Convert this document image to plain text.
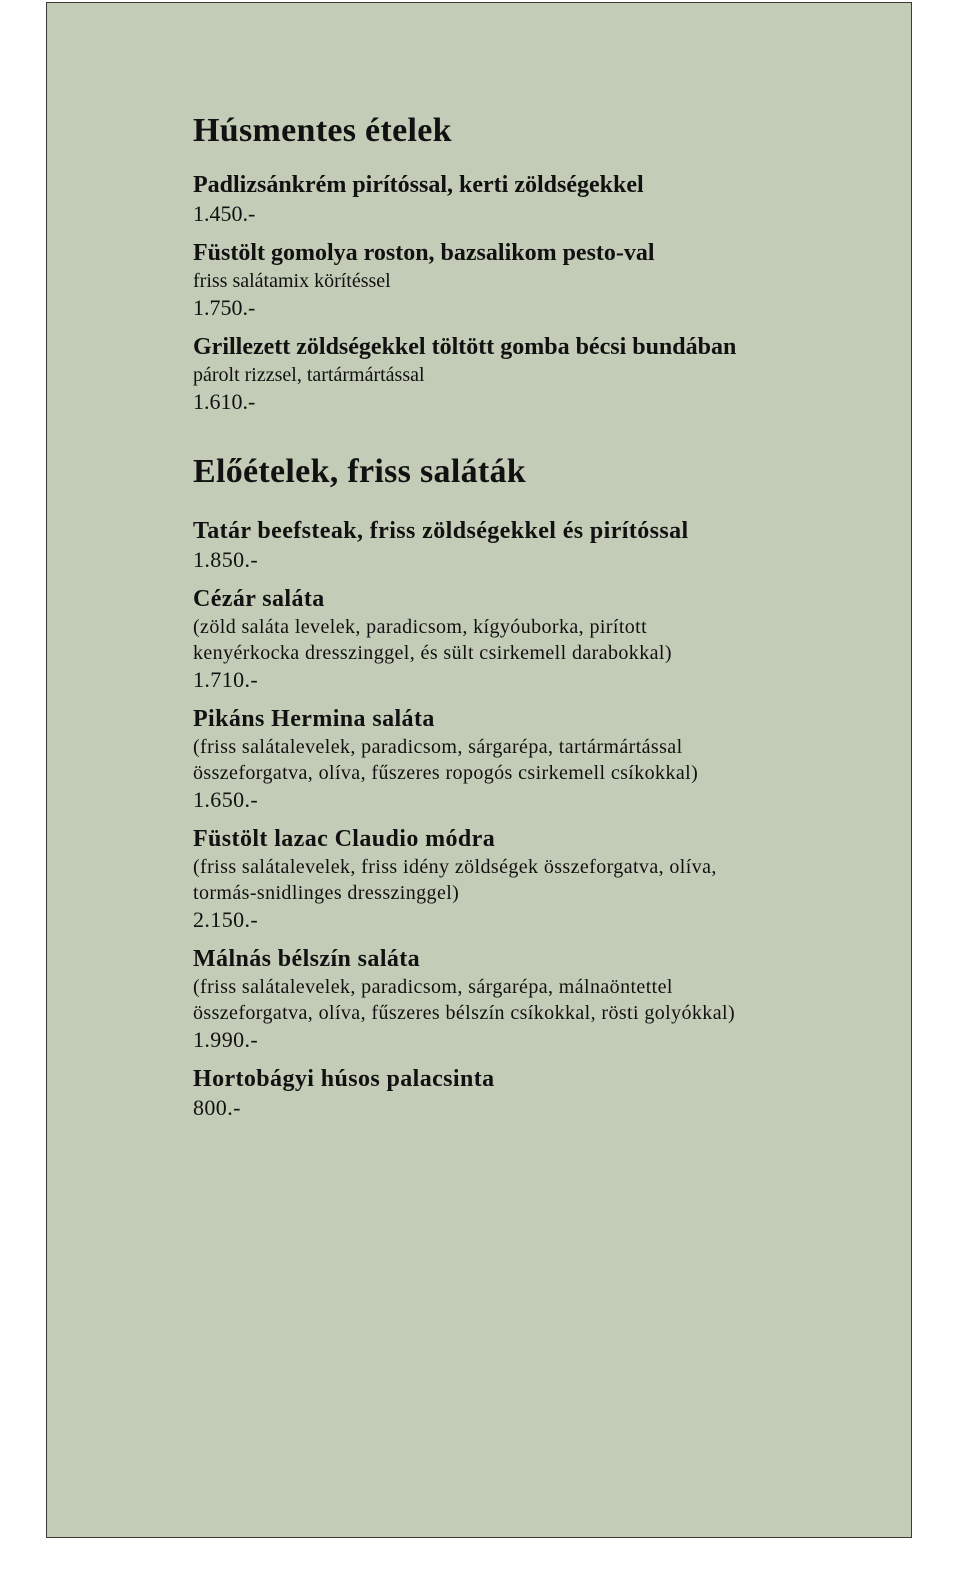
Húsmentes ételek
Padlizsánkrém pirítóssal, kerti zöldségekkel
1.450.-
Füstölt gomolya roston, bazsalikom pesto-val
friss salátamix körítéssel
1.750.-
Grillezett zöldségekkel töltött gomba bécsi bundában
párolt rizzsel, tartármártással
1.610.-
Előételek, friss saláták
Tatár beefsteak, friss zöldségekkel és pirítóssal
1.850.-
Cézár saláta
(zöld saláta levelek, paradicsom, kígyóuborka, pirított
kenyérkocka dresszinggel, és sült csirkemell darabokkal)
1.710.-
Pikáns Hermina saláta
(friss salátalevelek, paradicsom, sárgarépa, tartármártással
összeforgatva, olíva, fűszeres ropogós csirkemell csíkokkal)
1.650.-
Füstölt lazac Claudio módra
(friss salátalevelek, friss idény zöldségek összeforgatva, olíva,
tormás-snidlinges dresszinggel)
2.150.-
Málnás bélszín saláta
(friss salátalevelek, paradicsom, sárgarépa, málnaöntettel
összeforgatva, olíva, fűszeres bélszín csíkokkal, rösti golyókkal)
1.990.-
Hortobágyi húsos palacsinta
800.-
